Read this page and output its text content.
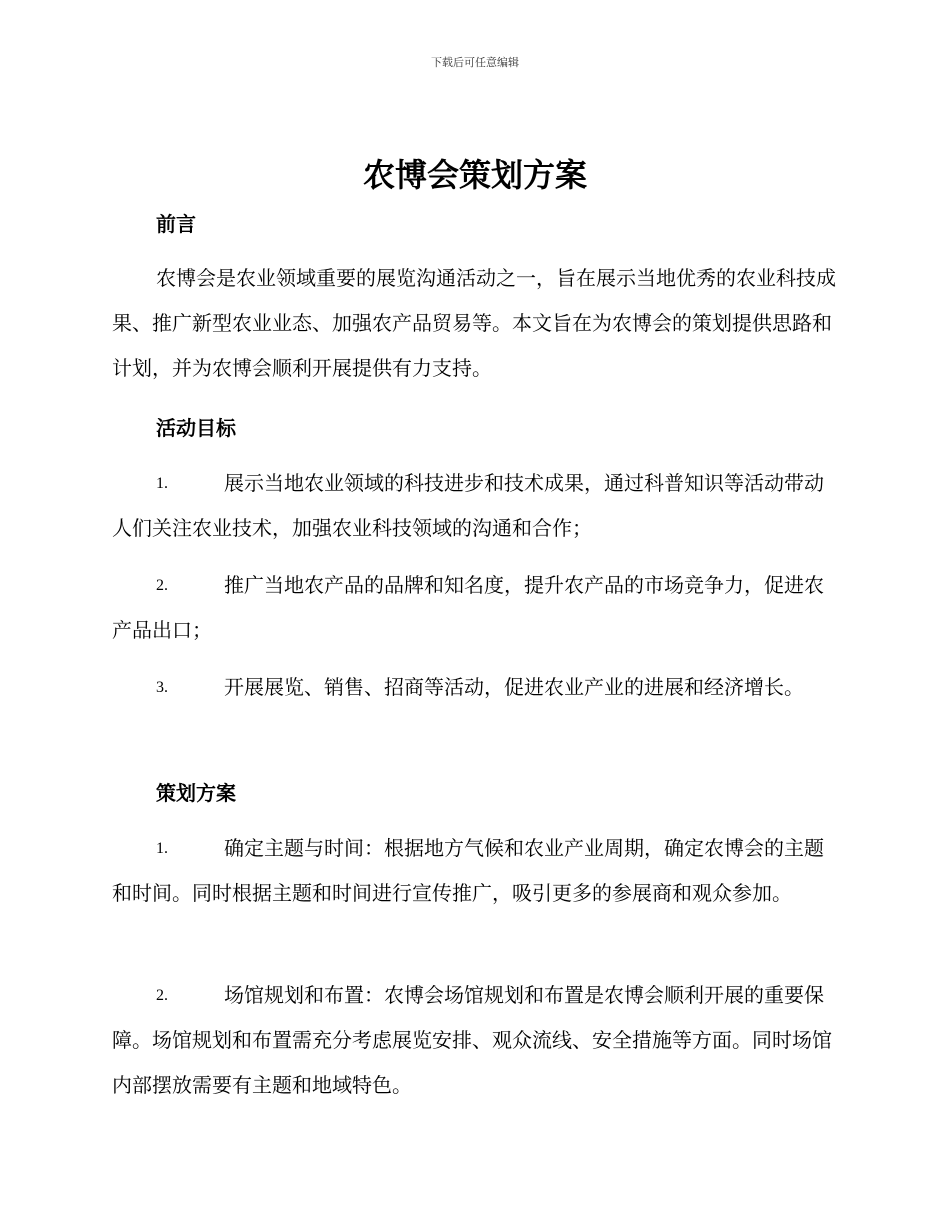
下载后可任意编辑
农博会策划方案
前言
农博会是农业领域重要的展览沟通活动之一，旨在展示当地优秀的农业科技成果、推广新型农业业态、加强农产品贸易等。本文旨在为农博会的策划提供思路和计划，并为农博会顺利开展提供有力支持。
活动目标
1.	展示当地农业领域的科技进步和技术成果，通过科普知识等活动带动人们关注农业技术，加强农业科技领域的沟通和合作；
2.	推广当地农产品的品牌和知名度，提升农产品的市场竞争力，促进农产品出口；
3.	开展展览、销售、招商等活动，促进农业产业的进展和经济增长。
策划方案
1.	确定主题与时间：根据地方气候和农业产业周期，确定农博会的主题和时间。同时根据主题和时间进行宣传推广，吸引更多的参展商和观众参加。
2.	场馆规划和布置：农博会场馆规划和布置是农博会顺利开展的重要保障。场馆规划和布置需充分考虑展览安排、观众流线、安全措施等方面。同时场馆内部摆放需要有主题和地域特色。
